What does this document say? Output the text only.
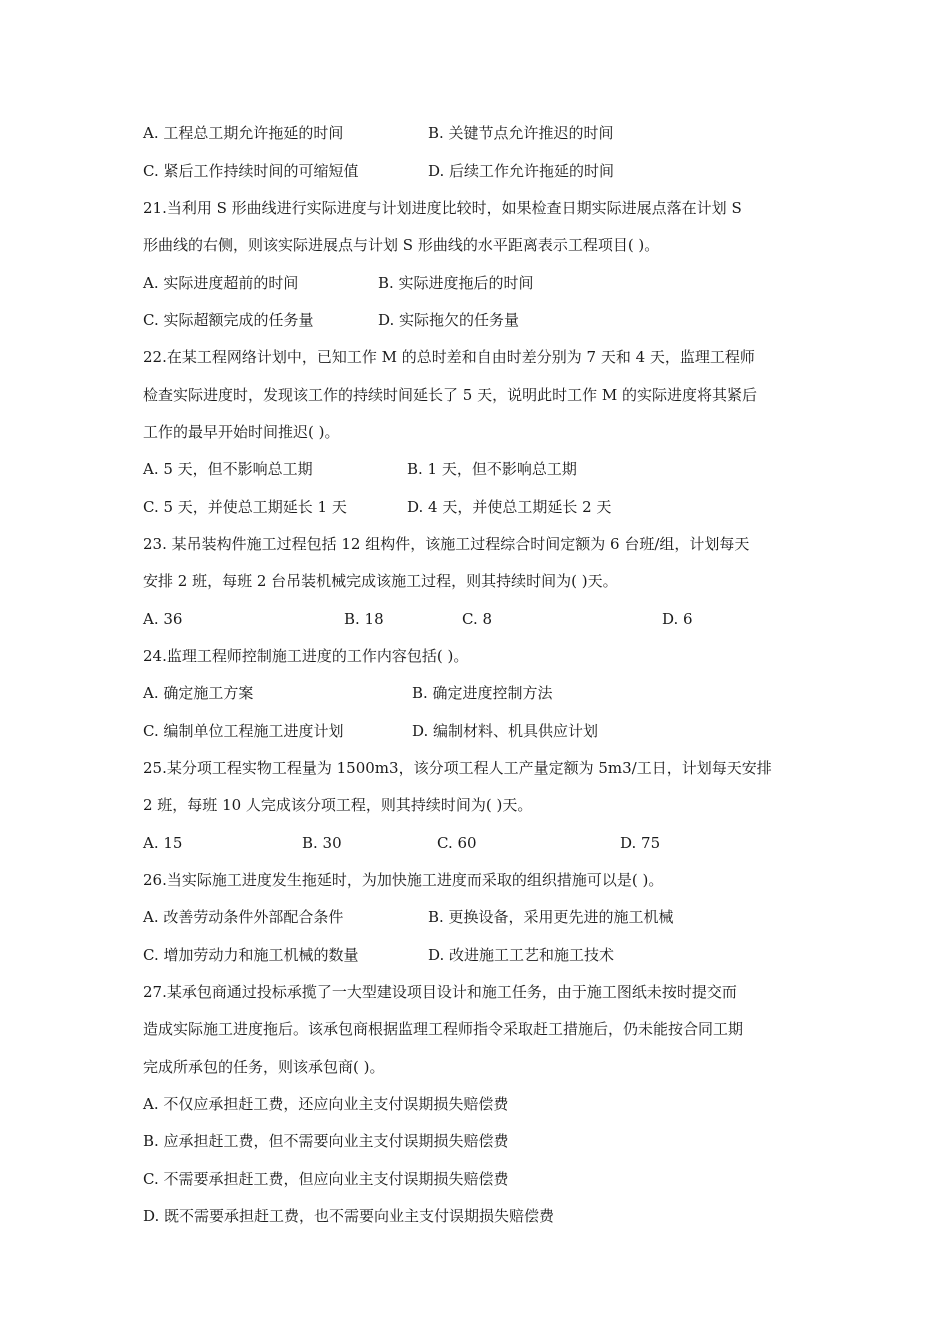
A. 工程总工期允许拖延的时间	B. 关键节点允许推迟的时间
C. 紧后工作持续时间的可缩短值	D. 后续工作允许拖延的时间
21.当利用 S 形曲线进行实际进度与计划进度比较时，如果检查日期实际进展点落在计划 S
形曲线的右侧，则该实际进展点与计划 S 形曲线的水平距离表示工程项目( )。
A. 实际进度超前的时间	B. 实际进度拖后的时间
C. 实际超额完成的任务量	D. 实际拖欠的任务量
22.在某工程网络计划中，已知工作 M 的总时差和自由时差分别为 7 天和 4 天，监理工程师
检查实际进度时，发现该工作的持续时间延长了 5 天，说明此时工作 M 的实际进度将其紧后
工作的最早开始时间推迟( )。
A. 5 天，但不影响总工期	B. 1 天，但不影响总工期
C. 5 天，并使总工期延长 1 天	D. 4 天，并使总工期延长 2 天
23. 某吊装构件施工过程包括 12 组构件，该施工过程综合时间定额为 6 台班/组，计划每天
安排 2 班，每班 2 台吊装机械完成该施工过程，则其持续时间为( )天。
A. 36	B. 18	C. 8	D. 6
24.监理工程师控制施工进度的工作内容包括( )。
A. 确定施工方案	B. 确定进度控制方法
C. 编制单位工程施工进度计划	D. 编制材料、机具供应计划
25.某分项工程实物工程量为 1500m3，该分项工程人工产量定额为 5m3/工日，计划每天安排
2 班，每班 10 人完成该分项工程，则其持续时间为( )天。
A. 15	B. 30	C. 60	D. 75
26.当实际施工进度发生拖延时，为加快施工进度而采取的组织措施可以是( )。
A. 改善劳动条件外部配合条件	B. 更换设备，采用更先进的施工机械
C. 增加劳动力和施工机械的数量	D. 改进施工工艺和施工技术
27.某承包商通过投标承揽了一大型建设项目设计和施工任务，由于施工图纸未按时提交而
造成实际施工进度拖后。该承包商根据监理工程师指令采取赶工措施后，仍未能按合同工期
完成所承包的任务，则该承包商( )。
A. 不仅应承担赶工费，还应向业主支付误期损失赔偿费
B. 应承担赶工费，但不需要向业主支付误期损失赔偿费
C. 不需要承担赶工费，但应向业主支付误期损失赔偿费
D. 既不需要承担赶工费，也不需要向业主支付误期损失赔偿费
